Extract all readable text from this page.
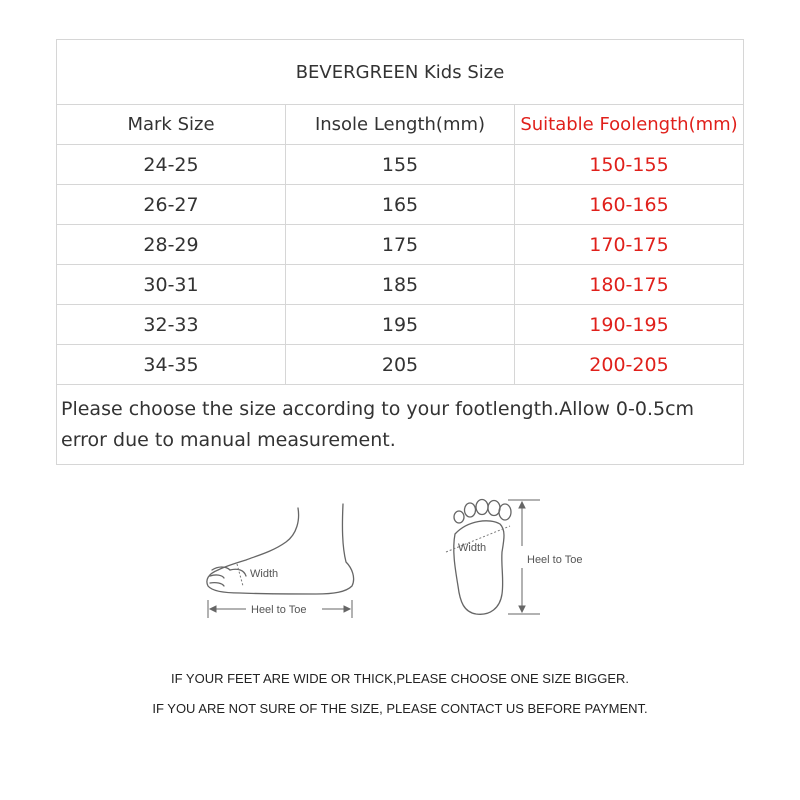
BEVERGREEN Kids Size
Mark Size	Insole Length(mm)	Suitable Foolength(mm)
24-25	155	150-155
26-27	165	160-165
28-29	175	170-175
30-31	185	180-175
32-33	195	190-195
34-35	205	200-205
Please choose the size according to your footlength.Allow 0-0.5cm error due to manual measurement.
Width
Heel to Toe
Width
Heel to Toe
IF YOUR FEET ARE WIDE OR THICK,PLEASE CHOOSE ONE SIZE BIGGER.
IF YOU ARE NOT SURE OF THE SIZE, PLEASE CONTACT US BEFORE PAYMENT.
